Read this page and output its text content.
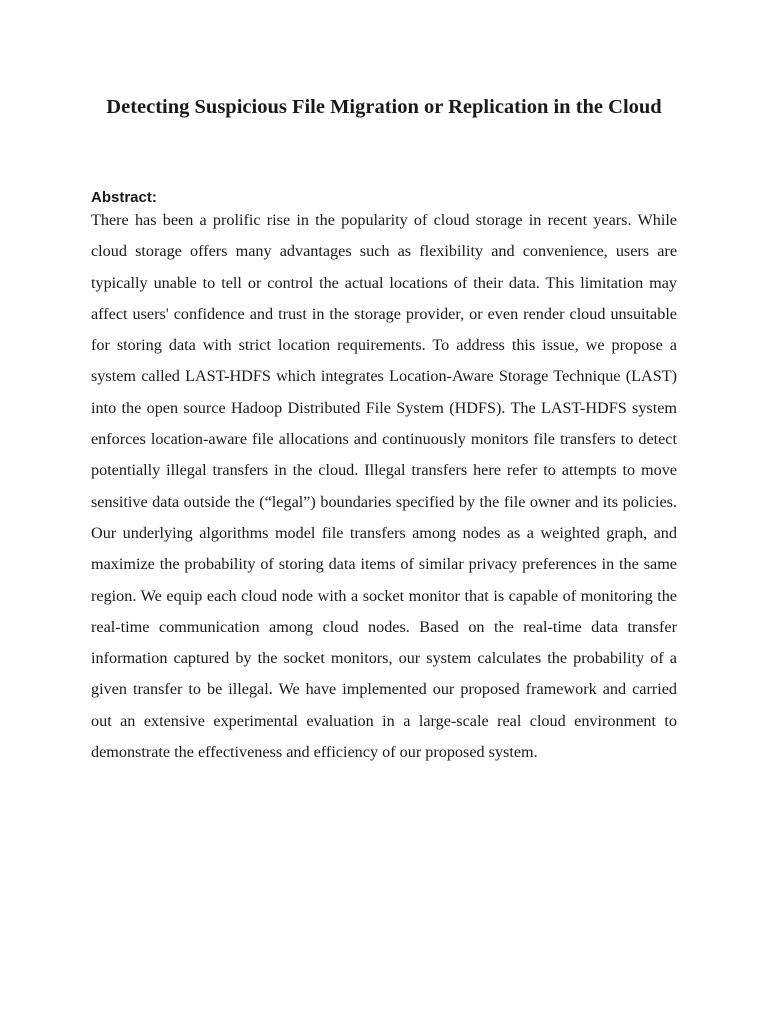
Detecting Suspicious File Migration or Replication in the Cloud
Abstract:

There has been a prolific rise in the popularity of cloud storage in recent years. While cloud storage offers many advantages such as flexibility and convenience, users are typically unable to tell or control the actual locations of their data. This limitation may affect users' confidence and trust in the storage provider, or even render cloud unsuitable for storing data with strict location requirements. To address this issue, we propose a system called LAST-HDFS which integrates Location-Aware Storage Technique (LAST) into the open source Hadoop Distributed File System (HDFS). The LAST-HDFS system enforces location-aware file allocations and continuously monitors file transfers to detect potentially illegal transfers in the cloud. Illegal transfers here refer to attempts to move sensitive data outside the (“legal”) boundaries specified by the file owner and its policies. Our underlying algorithms model file transfers among nodes as a weighted graph, and maximize the probability of storing data items of similar privacy preferences in the same region. We equip each cloud node with a socket monitor that is capable of monitoring the real-time communication among cloud nodes. Based on the real-time data transfer information captured by the socket monitors, our system calculates the probability of a given transfer to be illegal. We have implemented our proposed framework and carried out an extensive experimental evaluation in a large-scale real cloud environment to demonstrate the effectiveness and efficiency of our proposed system.
